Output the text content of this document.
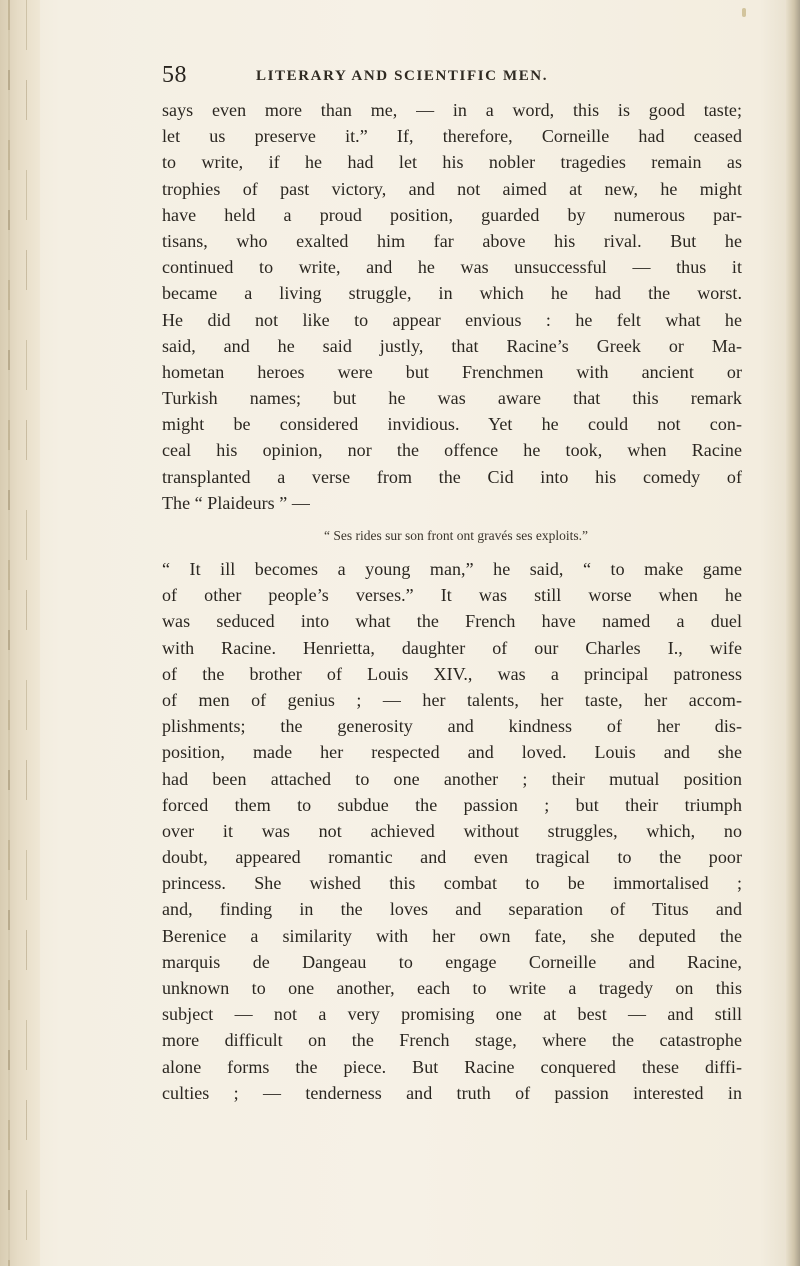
58	LITERARY AND SCIENTIFIC MEN.
says even more than me, — in a word, this is good taste;
let us preserve it.” If, therefore, Corneille had ceased
to write, if he had let his nobler tragedies remain as
trophies of past victory, and not aimed at new, he might
have held a proud position, guarded by numerous par-
tisans, who exalted him far above his rival. But he
continued to write, and he was unsuccessful — thus it
became a living struggle, in which he had the worst.
He did not like to appear envious : he felt what he
said, and he said justly, that Racine’s Greek or Ma-
hometan heroes were but Frenchmen with ancient or
Turkish names; but he was aware that this remark
might be considered invidious. Yet he could not con-
ceal his opinion, nor the offence he took, when Racine
transplanted a verse from the Cid into his comedy of
The “ Plaideurs ” —
“ Ses rides sur son front ont gravés ses exploits.”
“ It ill becomes a young man,” he said, “ to make game
of other people’s verses.” It was still worse when he
was seduced into what the French have named a duel
with Racine. Henrietta, daughter of our Charles I., wife
of the brother of Louis XIV., was a principal patroness
of men of genius ; — her talents, her taste, her accom-
plishments; the generosity and kindness of her dis-
position, made her respected and loved. Louis and she
had been attached to one another ; their mutual position
forced them to subdue the passion ; but their triumph
over it was not achieved without struggles, which, no
doubt, appeared romantic and even tragical to the poor
princess. She wished this combat to be immortalised ;
and, finding in the loves and separation of Titus and
Berenice a similarity with her own fate, she deputed the
marquis de Dangeau to engage Corneille and Racine,
unknown to one another, each to write a tragedy on this
subject — not a very promising one at best — and still
more difficult on the French stage, where the catastrophe
alone forms the piece. But Racine conquered these diffi-
culties ; — tenderness and truth of passion interested in
